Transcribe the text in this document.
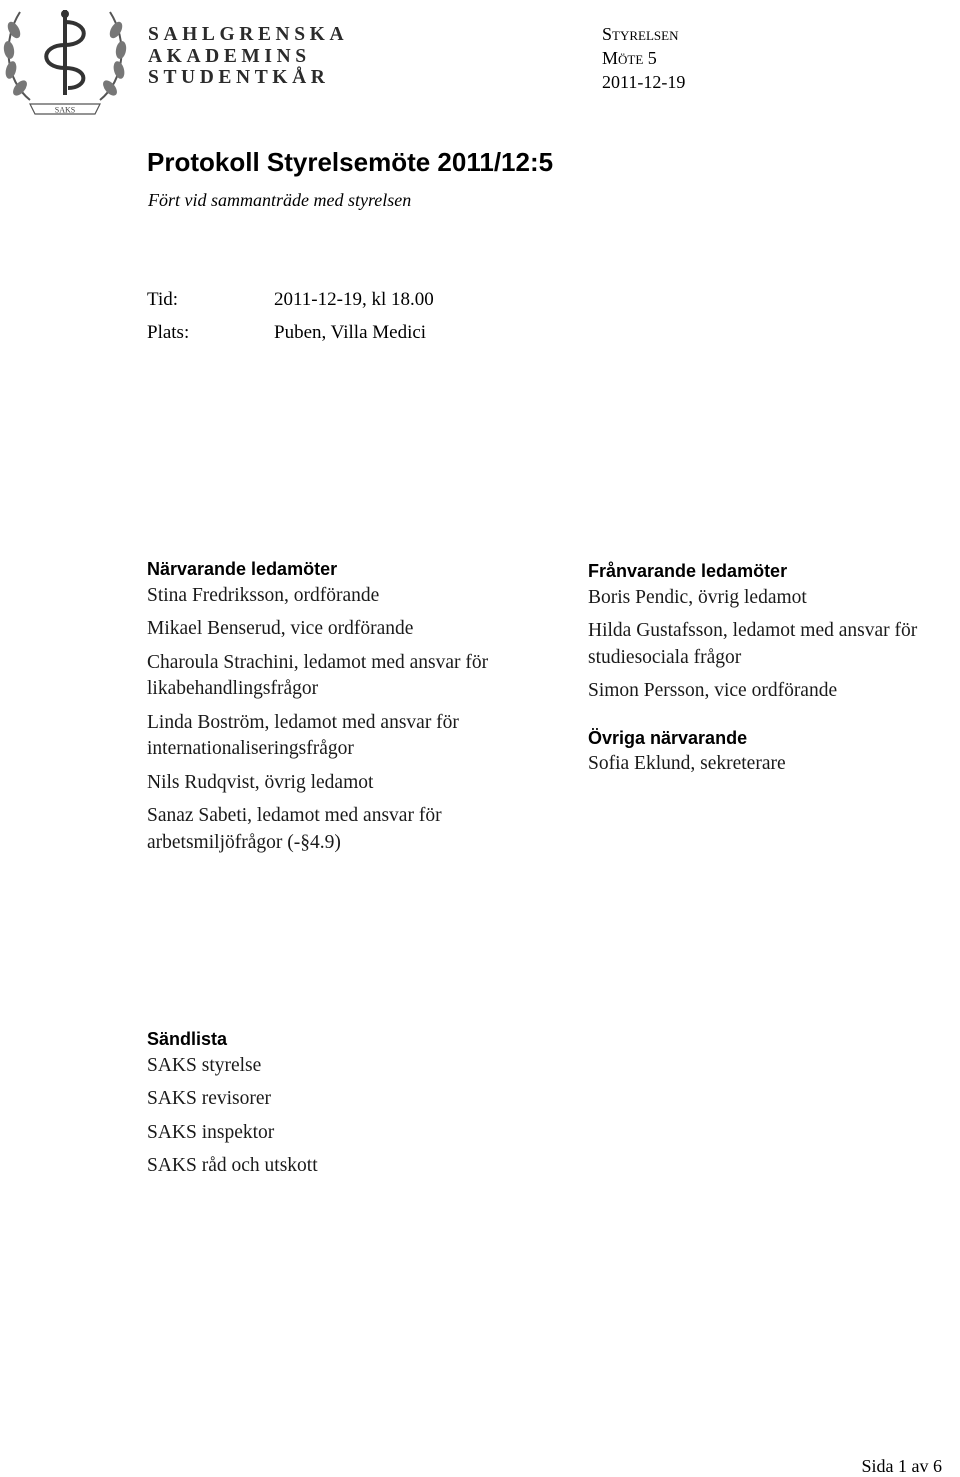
SAKS
SAHLGRENSKA
AKADEMINS
STUDENTKÅR
Styrelsen
Möte 5
2011-12-19
Protokoll Styrelsemöte 2011/12:5
Fört vid sammanträde med styrelsen
Tid:	2011-12-19, kl 18.00
Plats:	Puben, Villa Medici
Närvarande ledamöter
Stina Fredriksson, ordförande
Mikael Benserud, vice ordförande
Charoula Strachini, ledamot med ansvar för likabehandlingsfrågor
Linda Boström, ledamot med ansvar för internationaliseringsfrågor
Nils Rudqvist, övrig ledamot
Sanaz Sabeti, ledamot med ansvar för arbetsmiljöfrågor (-§4.9)
Frånvarande ledamöter
Boris Pendic, övrig ledamot
Hilda Gustafsson, ledamot med ansvar för studiesociala frågor
Simon Persson, vice ordförande
Övriga närvarande
Sofia Eklund, sekreterare
Sändlista
SAKS styrelse
SAKS revisorer
SAKS inspektor
SAKS råd och utskott
Sida 1 av 6
